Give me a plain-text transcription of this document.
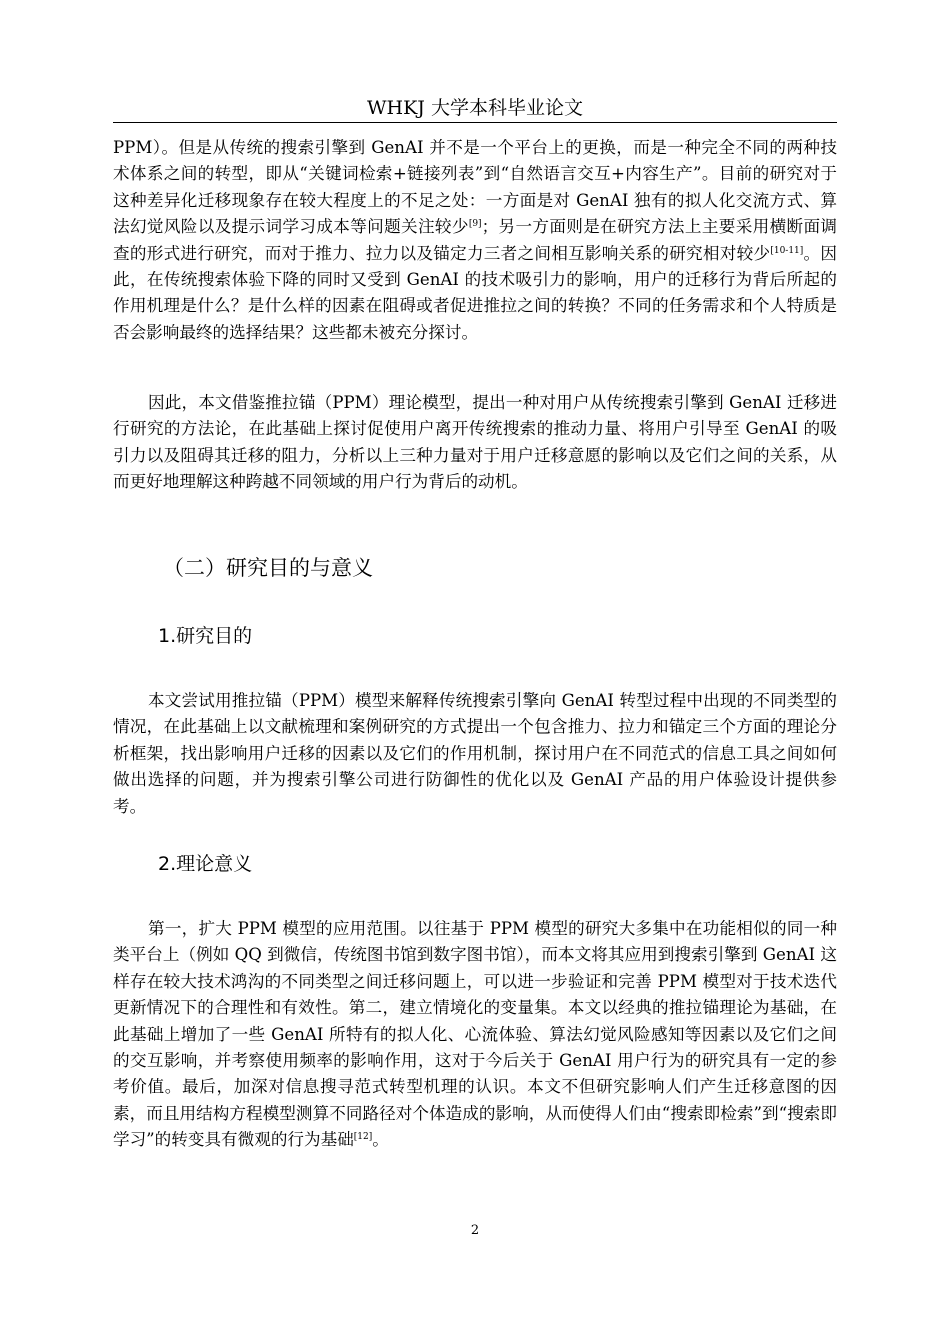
WHKJ 大学本科毕业论文
PPM）。但是从传统的搜索引擎到 GenAI 并不是一个平台上的更换，而是一种完全不同的两种技术体系之间的转型，即从“关键词检索+链接列表”到“自然语言交互+内容生产”。目前的研究对于这种差异化迁移现象存在较大程度上的不足之处：一方面是对 GenAI 独有的拟人化交流方式、算法幻觉风险以及提示词学习成本等问题关注较少[9]；另一方面则是在研究方法上主要采用横断面调查的形式进行研究，而对于推力、拉力以及锚定力三者之间相互影响关系的研究相对较少[10-11]。因此，在传统搜索体验下降的同时又受到 GenAI 的技术吸引力的影响，用户的迁移行为背后所起的作用机理是什么？是什么样的因素在阻碍或者促进推拉之间的转换？不同的任务需求和个人特质是否会影响最终的选择结果？这些都未被充分探讨。
因此，本文借鉴推拉锚（PPM）理论模型，提出一种对用户从传统搜索引擎到 GenAI 迁移进行研究的方法论，在此基础上探讨促使用户离开传统搜索的推动力量、将用户引导至 GenAI 的吸引力以及阻碍其迁移的阻力，分析以上三种力量对于用户迁移意愿的影响以及它们之间的关系，从而更好地理解这种跨越不同领域的用户行为背后的动机。
（二）研究目的与意义
1.研究目的
本文尝试用推拉锚（PPM）模型来解释传统搜索引擎向 GenAI 转型过程中出现的不同类型的情况，在此基础上以文献梳理和案例研究的方式提出一个包含推力、拉力和锚定三个方面的理论分析框架，找出影响用户迁移的因素以及它们的作用机制，探讨用户在不同范式的信息工具之间如何做出选择的问题，并为搜索引擎公司进行防御性的优化以及 GenAI 产品的用户体验设计提供参考。
2.理论意义
第一，扩大 PPM 模型的应用范围。以往基于 PPM 模型的研究大多集中在功能相似的同一种类平台上（例如 QQ 到微信，传统图书馆到数字图书馆），而本文将其应用到搜索引擎到 GenAI 这样存在较大技术鸿沟的不同类型之间迁移问题上，可以进一步验证和完善 PPM 模型对于技术迭代更新情况下的合理性和有效性。第二，建立情境化的变量集。本文以经典的推拉锚理论为基础，在此基础上增加了一些 GenAI 所特有的拟人化、心流体验、算法幻觉风险感知等因素以及它们之间的交互影响，并考察使用频率的影响作用，这对于今后关于 GenAI 用户行为的研究具有一定的参考价值。最后，加深对信息搜寻范式转型机理的认识。本文不但研究影响人们产生迁移意图的因素，而且用结构方程模型测算不同路径对个体造成的影响，从而使得人们由“搜索即检索”到“搜索即学习”的转变具有微观的行为基础[12]。
2
